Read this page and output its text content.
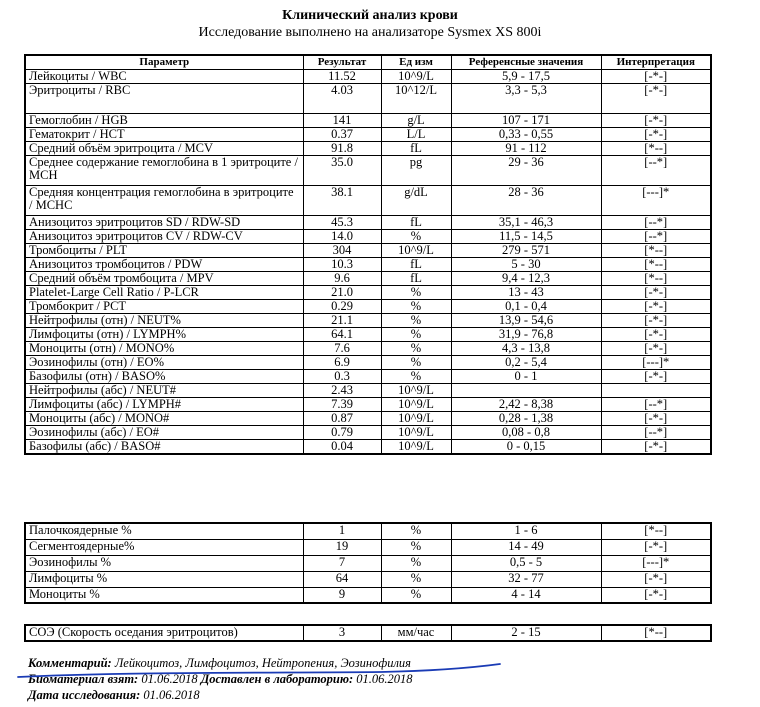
Клинический анализ крови
Исследование выполнено на анализаторе Sysmex XS 800i
Параметр	Результат	Ед изм	Референсные значения	Интерпретация
Лейкоциты / WBC	11.52	10^9/L	5,9 - 17,5	[-*-]
Эритроциты / RBC	4.03	10^12/L	3,3 - 5,3	[-*-]
Гемоглобин / HGB	141	g/L	107 - 171	[-*-]
Гематокрит / HCT	0.37	L/L	0,33 - 0,55	[-*-]
Средний объём эритроцита / MCV	91.8	fL	91 - 112	[*--]
Среднее содержание гемоглобина в 1 эритроците / MCH	35.0	pg	29 - 36	[--*]
Средняя концентрация гемоглобина в эритроците / MCHC	38.1	g/dL	28 - 36	[---]*
Анизоцитоз эритроцитов SD / RDW-SD	45.3	fL	35,1 - 46,3	[--*]
Анизоцитоз эритроцитов CV / RDW-CV	14.0	%	11,5 - 14,5	[--*]
Тромбоциты / PLT	304	10^9/L	279 - 571	[*--]
Анизоцитоз тромбоцитов / PDW	10.3	fL	5 - 30	[*--]
Средний объём тромбоцита / MPV	9.6	fL	9,4 - 12,3	[*--]
Platelet-Large Cell Ratio / P-LCR	21.0	%	13 - 43	[-*-]
Тромбокрит / PCT	0.29	%	0,1 - 0,4	[-*-]
Нейтрофилы (отн) / NEUT%	21.1	%	13,9 - 54,6	[-*-]
Лимфоциты (отн) / LYMPH%	64.1	%	31,9 - 76,8	[-*-]
Моноциты (отн) / MONO%	7.6	%	4,3 - 13,8	[-*-]
Эозинофилы (отн) / EO%	6.9	%	0,2 - 5,4	[---]*
Базофилы (отн) / BASO%	0.3	%	0 - 1	[-*-]
Нейтрофилы (абс) / NEUT#	2.43	10^9/L		
Лимфоциты (абс) / LYMPH#	7.39	10^9/L	2,42 - 8,38	[--*]
Моноциты (абс) / MONO#	0.87	10^9/L	0,28 - 1,38	[-*-]
Эозинофилы (абс) / EO#	0.79	10^9/L	0,08 - 0,8	[--*]
Базофилы (абс) / BASO#	0.04	10^9/L	0 - 0,15	[-*-]
Палочкоядерные %	1	%	1 - 6	[*--]
Сегментоядерные%	19	%	14 - 49	[-*-]
Эозинофилы %	7	%	0,5 - 5	[---]*
Лимфоциты %	64	%	32 - 77	[-*-]
Моноциты %	9	%	4 - 14	[-*-]
СОЭ (Скорость оседания эритроцитов)	3	мм/час	2 - 15	[*--]
Комментарий: Лейкоцитоз, Лимфоцитоз, Нейтропения, Эозинофилия
Биоматериал взят: 01.06.2018 Доставлен в лабораторию: 01.06.2018
Дата исследования: 01.06.2018
